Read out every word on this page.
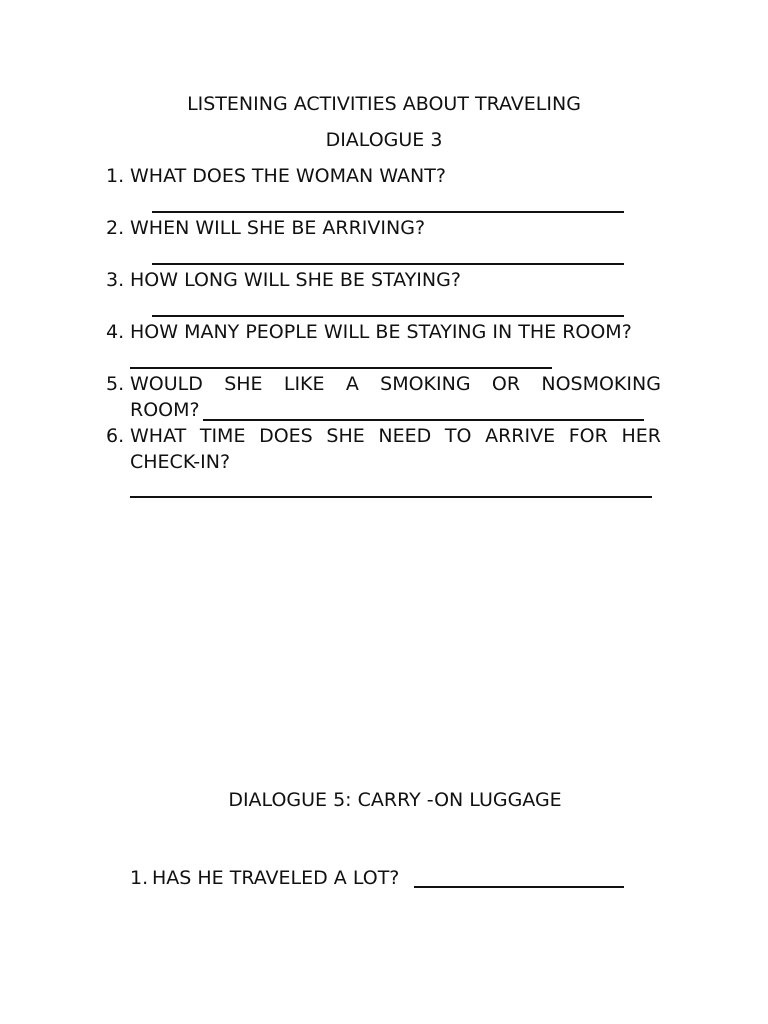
LISTENING ACTIVITIES ABOUT TRAVELING
DIALOGUE 3
1. WHAT DOES THE WOMAN WANT?
2. WHEN WILL SHE BE ARRIVING?
3. HOW LONG WILL SHE BE STAYING?
4. HOW MANY PEOPLE WILL BE STAYING IN THE ROOM?
5. WOULD SHE LIKE A SMOKING OR NOSMOKING
ROOM?
6. WHAT TIME DOES SHE NEED TO ARRIVE FOR HER
CHECK-IN?
DIALOGUE 5: CARRY -ON LUGGAGE
1. HAS HE TRAVELED A LOT?
